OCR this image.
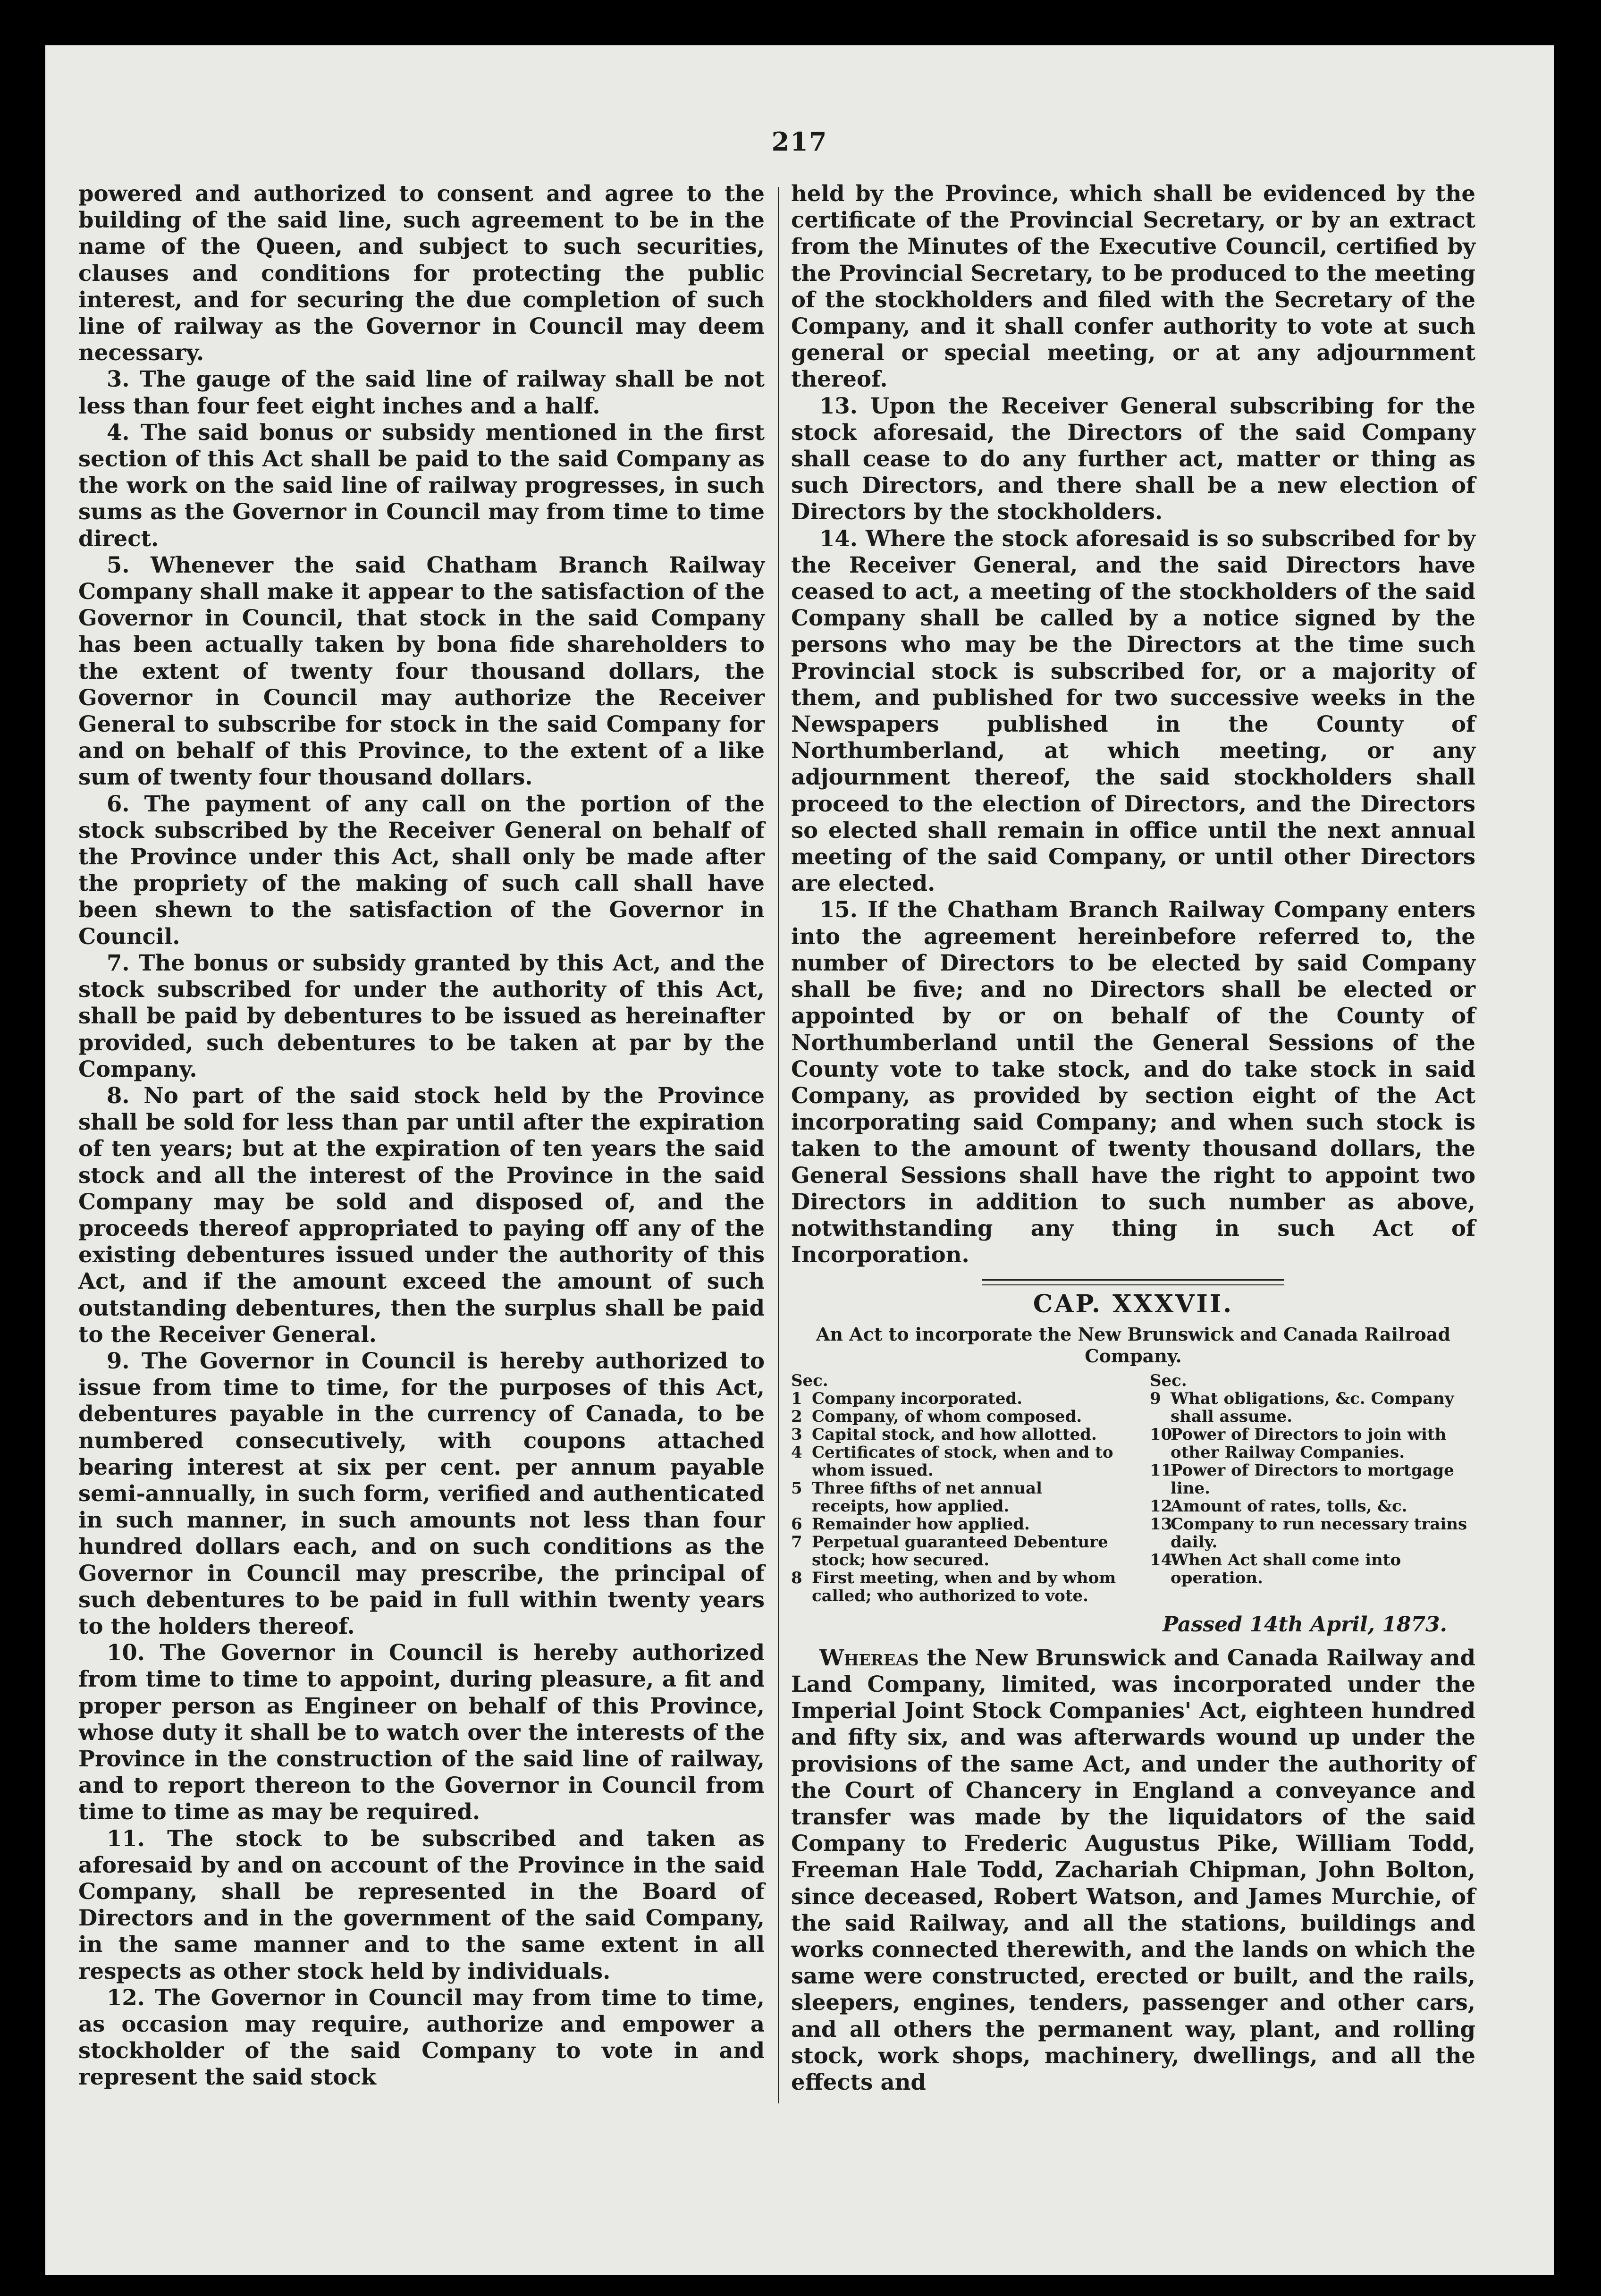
217

powered and authorized to consent and agree to the building of the said line, such agreement to be in the name of the Queen, and subject to such securities, clauses and conditions for protecting the public interest, and for securing the due completion of such line of railway as the Governor in Council may deem necessary.

3. The gauge of the said line of railway shall be not less than four feet eight inches and a half.

4. The said bonus or subsidy mentioned in the first section of this Act shall be paid to the said Company as the work on the said line of railway progresses, in such sums as the Governor in Council may from time to time direct.

5. Whenever the said Chatham Branch Railway Company shall make it appear to the satisfaction of the Governor in Council, that stock in the said Company has been actually taken by bona fide shareholders to the extent of twenty four thousand dollars, the Governor in Council may authorize the Receiver General to subscribe for stock in the said Company for and on behalf of this Province, to the extent of a like sum of twenty four thousand dollars.

6. The payment of any call on the portion of the stock subscribed by the Receiver General on behalf of the Province under this Act, shall only be made after the propriety of the making of such call shall have been shewn to the satisfaction of the Governor in Council.

7. The bonus or subsidy granted by this Act, and the stock subscribed for under the authority of this Act, shall be paid by debentures to be issued as hereinafter provided, such debentures to be taken at par by the Company.

8. No part of the said stock held by the Province shall be sold for less than par until after the expiration of ten years; but at the expiration of ten years the said stock and all the interest of the Province in the said Company may be sold and disposed of, and the proceeds thereof appropriated to paying off any of the existing debentures issued under the authority of this Act, and if the amount exceed the amount of such outstanding debentures, then the surplus shall be paid to the Receiver General.

9. The Governor in Council is hereby authorized to issue from time to time, for the purposes of this Act, debentures payable in the currency of Canada, to be numbered consecutively, with coupons attached bearing interest at six per cent. per annum payable semi-annually, in such form, verified and authenticated in such manner, in such amounts not less than four hundred dollars each, and on such conditions as the Governor in Council may prescribe, the principal of such debentures to be paid in full within twenty years to the holders thereof.

10. The Governor in Council is hereby authorized from time to time to appoint, during pleasure, a fit and proper person as Engineer on behalf of this Province, whose duty it shall be to watch over the interests of the Province in the construction of the said line of railway, and to report thereon to the Governor in Council from time to time as may be required.

11. The stock to be subscribed and taken as aforesaid by and on account of the Province in the said Company, shall be represented in the Board of Directors and in the government of the said Company, in the same manner and to the same extent in all respects as other stock held by individuals.

12. The Governor in Council may from time to time, as occasion may require, authorize and empower a stockholder of the said Company to vote in and represent the said stock

held by the Province, which shall be evidenced by the certificate of the Provincial Secretary, or by an extract from the Minutes of the Executive Council, certified by the Provincial Secretary, to be produced to the meeting of the stockholders and filed with the Secretary of the Company, and it shall confer authority to vote at such general or special meeting, or at any adjournment thereof.

13. Upon the Receiver General subscribing for the stock aforesaid, the Directors of the said Company shall cease to do any further act, matter or thing as such Directors, and there shall be a new election of Directors by the stockholders.

14. Where the stock aforesaid is so subscribed for by the Receiver General, and the said Directors have ceased to act, a meeting of the stockholders of the said Company shall be called by a notice signed by the persons who may be the Directors at the time such Provincial stock is subscribed for, or a majority of them, and published for two successive weeks in the Newspapers published in the County of Northumberland, at which meeting, or any adjournment thereof, the said stockholders shall proceed to the election of Directors, and the Directors so elected shall remain in office until the next annual meeting of the said Company, or until other Directors are elected.

15. If the Chatham Branch Railway Company enters into the agreement hereinbefore referred to, the number of Directors to be elected by said Company shall be five; and no Directors shall be elected or appointed by or on behalf of the County of Northumberland until the General Sessions of the County vote to take stock, and do take stock in said Company, as provided by section eight of the Act incorporating said Company; and when such stock is taken to the amount of twenty thousand dollars, the General Sessions shall have the right to appoint two Directors in addition to such number as above, notwithstanding any thing in such Act of Incorporation.

CAP. XXXVII.
An Act to incorporate the New Brunswick and Canada Railroad Company.
Sec.
1 Company incorporated.
2 Company, of whom composed.
3 Capital stock, and how allotted.
4 Certificates of stock, when and to whom issued.
5 Three fifths of net annual receipts, how applied.
6 Remainder how applied.
7 Perpetual guaranteed Debenture stock; how secured.
8 First meeting, when and by whom called; who authorized to vote.
Sec.
9 What obligations, &c. Company shall assume.
10
Power of Directors to join with other Railway Companies.
11
Power of Directors to mortgage line.
12
Amount of rates, tolls, &c.
13
Company to run necessary trains daily.
14
When Act shall come into operation.
Passed 14th April, 1873.

Whereas the New Brunswick and Canada Railway and Land Company, limited, was incorporated under the Imperial Joint Stock Companies' Act, eighteen hundred and fifty six, and was afterwards wound up under the provisions of the same Act, and under the authority of the Court of Chancery in England a conveyance and transfer was made by the liquidators of the said Company to Frederic Augustus Pike, William Todd, Freeman Hale Todd, Zachariah Chipman, John Bolton, since deceased, Robert Watson, and James Murchie, of the said Railway, and all the stations, buildings and works connected therewith, and the lands on which the same were constructed, erected or built, and the rails, sleepers, engines, tenders, passenger and other cars, and all others the permanent way, plant, and rolling stock, work shops, machinery, dwellings, and all the effects and
